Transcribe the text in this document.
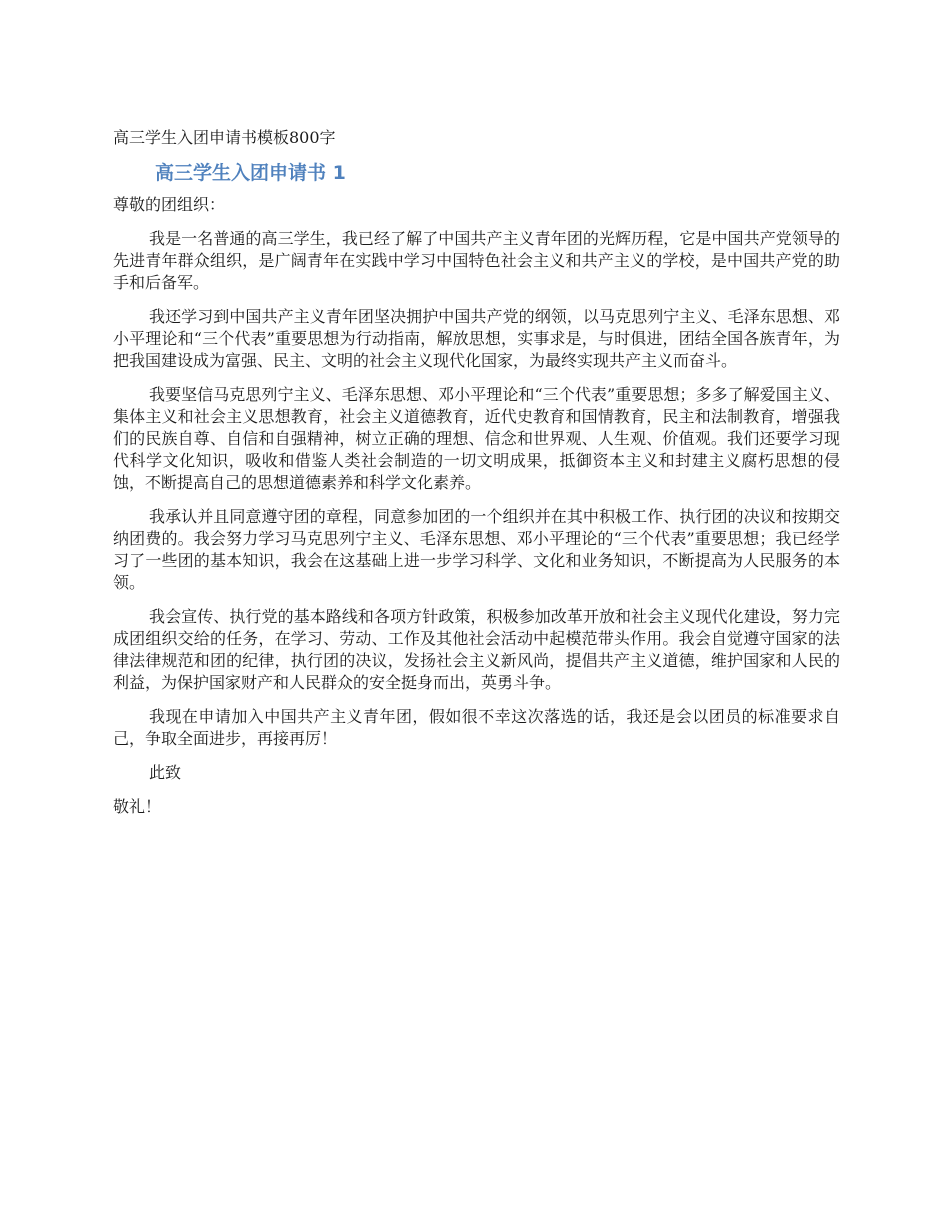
高三学生入团申请书模板800字
高三学生入团申请书 1
尊敬的团组织：

我是一名普通的高三学生，我已经了解了中国共产主义青年团的光辉历程，它是中国共产党领导的先进青年群众组织，是广阔青年在实践中学习中国特色社会主义和共产主义的学校，是中国共产党的助手和后备军。

我还学习到中国共产主义青年团坚决拥护中国共产党的纲领，以马克思列宁主义、毛泽东思想、邓小平理论和“三个代表”重要思想为行动指南，解放思想，实事求是，与时俱进，团结全国各族青年，为把我国建设成为富强、民主、文明的社会主义现代化国家，为最终实现共产主义而奋斗。

我要坚信马克思列宁主义、毛泽东思想、邓小平理论和“三个代表”重要思想；多多了解爱国主义、集体主义和社会主义思想教育，社会主义道德教育，近代史教育和国情教育，民主和法制教育，增强我们的民族自尊、自信和自强精神，树立正确的理想、信念和世界观、人生观、价值观。我们还要学习现代科学文化知识，吸收和借鉴人类社会制造的一切文明成果，抵御资本主义和封建主义腐朽思想的侵蚀，不断提高自己的思想道德素养和科学文化素养。

我承认并且同意遵守团的章程，同意参加团的一个组织并在其中积极工作、执行团的决议和按期交纳团费的。我会努力学习马克思列宁主义、毛泽东思想、邓小平理论的“三个代表”重要思想；我已经学习了一些团的基本知识，我会在这基础上进一步学习科学、文化和业务知识，不断提高为人民服务的本领。

我会宣传、执行党的基本路线和各项方针政策，积极参加改革开放和社会主义现代化建设，努力完成团组织交给的任务，在学习、劳动、工作及其他社会活动中起模范带头作用。我会自觉遵守国家的法律法律规范和团的纪律，执行团的决议，发扬社会主义新风尚，提倡共产主义道德，维护国家和人民的利益，为保护国家财产和人民群众的安全挺身而出，英勇斗争。

我现在申请加入中国共产主义青年团，假如很不幸这次落选的话，我还是会以团员的标准要求自己，争取全面进步，再接再厉！

此致
敬礼！
